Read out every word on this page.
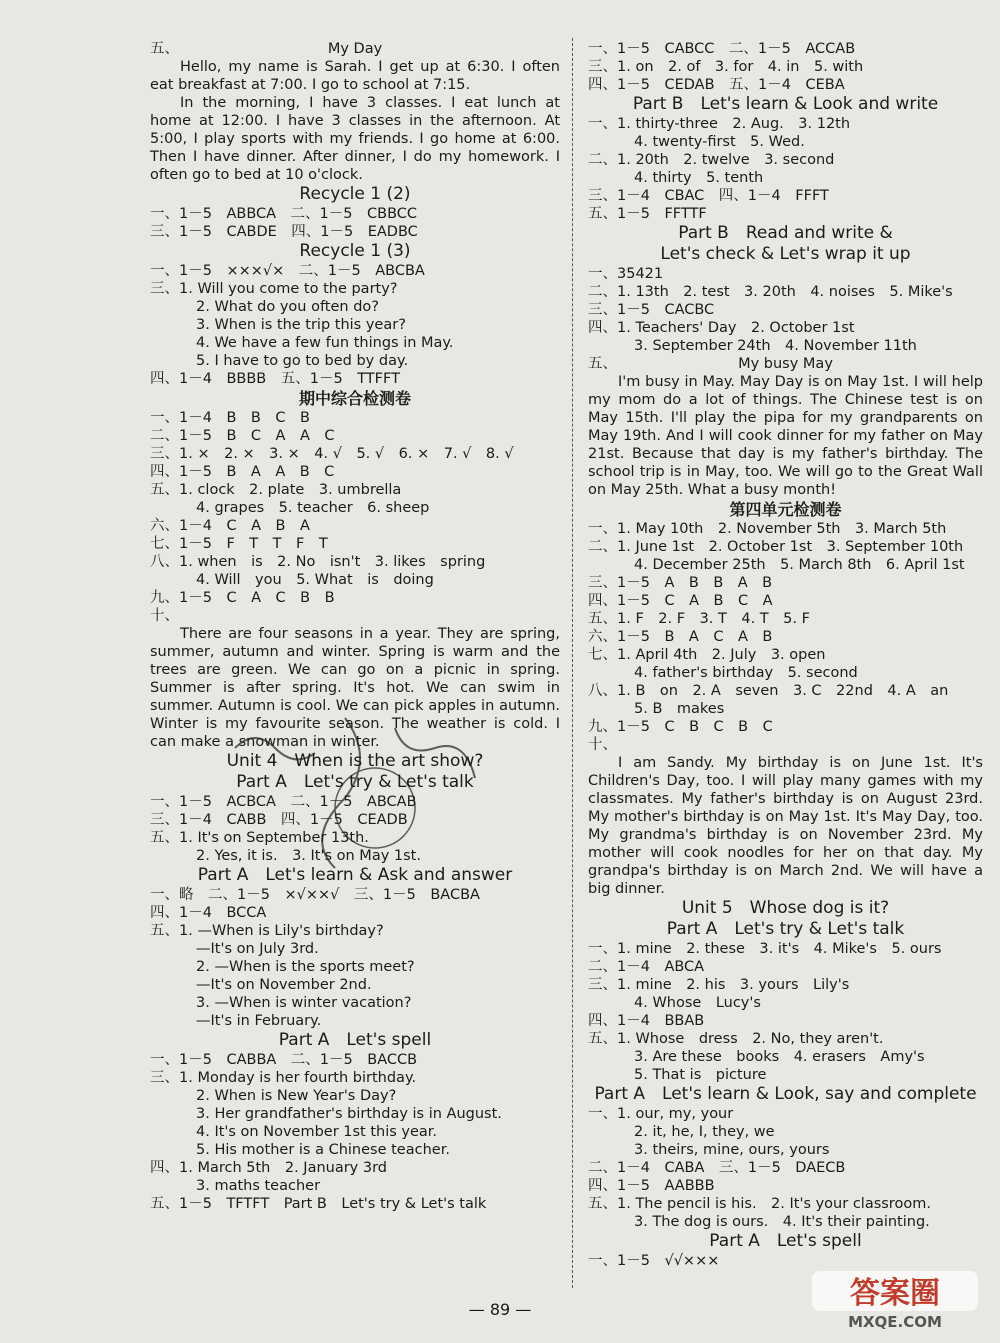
五、	My Day
Hello, my name is Sarah. I get up at 6:30. I often eat breakfast at 7:00. I go to school at 7:15.
In the morning, I have 3 classes. I eat lunch at home at 12:00. I have 3 classes in the afternoon. At 5:00, I play sports with my friends. I go home at 6:00. Then I have dinner. After dinner, I do my homework. I often go to bed at 10 o'clock.
Recycle 1 (2)
一、1－5　ABBCA　二、1－5　CBBCC
三、1－5　CABDE　四、1－5　EADBC
Recycle 1 (3)
一、1－5　×××√×　二、1－5　ABCBA
三、1. Will you come to the party?
2. What do you often do?
3. When is the trip this year?
4. We have a few fun things in May.
5. I have to go to bed by day.
四、1－4　BBBB　五、1－5　TTFFT
期中综合检测卷
一、1－4　B　B　C　B
二、1－5　B　C　A　A　C
三、1. ×　2. ×　3. ×　4. √　5. √　6. ×　7. √　8. √
四、1－5　B　A　A　B　C
五、1. clock　2. plate　3. umbrella
4. grapes　5. teacher　6. sheep
六、1－4　C　A　B　A
七、1－5　F　T　T　F　T
八、1. when　is　2. No　isn't　3. likes　spring
4. Will　you　5. What　is　doing
九、1－5　C　A　C　B　B
十、
There are four seasons in a year. They are spring, summer, autumn and winter. Spring is warm and the trees are green. We can go on a picnic in spring. Summer is after spring. It's hot. We can swim in summer. Autumn is cool. We can pick apples in autumn. Winter is my favourite season. The weather is cold. I can make a snowman in winter.
Unit 4　When is the art show?
Part A　Let's try & Let's talk
一、1－5　ACBCA　二、1－5　ABCAB
三、1－4　CABB　四、1－5　CEADB
五、1. It's on September 13th.
2. Yes, it is.　3. It's on May 1st.
Part A　Let's learn & Ask and answer
一、略　二、1－5　×√××√　三、1－5　BACBA
四、1－4　BCCA
五、1. —When is Lily's birthday?
—It's on July 3rd.
2. —When is the sports meet?
—It's on November 2nd.
3. —When is winter vacation?
—It's in February.
Part A　Let's spell
一、1－5　CABBA　二、1－5　BACCB
三、1. Monday is her fourth birthday.
2. When is New Year's Day?
3. Her grandfather's birthday is in August.
4. It's on November 1st this year.
5. His mother is a Chinese teacher.
四、1. March 5th　2. January 3rd
3. maths teacher
五、1－5　TFTFT　Part B　Let's try & Let's talk
一、1－5　CABCC　二、1－5　ACCAB
三、1. on　2. of　3. for　4. in　5. with
四、1－5　CEDAB　五、1－4　CEBA
Part B　Let's learn & Look and write
一、1. thirty-three　2. Aug.　3. 12th
4. twenty-first　5. Wed.
二、1. 20th　2. twelve　3. second
4. thirty　5. tenth
三、1－4　CBAC　四、1－4　FFFT
五、1－5　FFTTF
Part B　Read and write &
Let's check & Let's wrap it up
一、35421
二、1. 13th　2. test　3. 20th　4. noises　5. Mike's
三、1－5　CACBC
四、1. Teachers' Day　2. October 1st
3. September 24th　4. November 11th
五、	My busy May
I'm busy in May. May Day is on May 1st. I will help my mom do a lot of things. The Chinese test is on May 15th. I'll play the pipa for my grandparents on May 19th. And I will cook dinner for my father on May 21st. Because that day is my father's birthday. The school trip is in May, too. We will go to the Great Wall on May 25th. What a busy month!
第四单元检测卷
一、1. May 10th　2. November 5th　3. March 5th
二、1. June 1st　2. October 1st　3. September 10th
4. December 25th　5. March 8th　6. April 1st
三、1－5　A　B　B　A　B
四、1－5　C　A　B　C　A
五、1. F　2. F　3. T　4. T　5. F
六、1－5　B　A　C　A　B
七、1. April 4th　2. July　3. open
4. father's birthday　5. second
八、1. B　on　2. A　seven　3. C　22nd　4. A　an
5. B　makes
九、1－5　C　B　C　B　C
十、
I am Sandy. My birthday is on June 1st. It's Children's Day, too. I will play many games with my classmates. My father's birthday is on August 23rd. My mother's birthday is on May 1st. It's May Day, too. My grandma's birthday is on November 23rd. My mother will cook noodles for her on that day. My grandpa's birthday is on March 2nd. We will have a big dinner.
Unit 5　Whose dog is it?
Part A　Let's try & Let's talk
一、1. mine　2. these　3. it's　4. Mike's　5. ours
二、1－4　ABCA
三、1. mine　2. his　3. yours　Lily's
4. Whose　Lucy's
四、1－4　BBAB
五、1. Whose　dress　2. No, they aren't.
3. Are these　books　4. erasers　Amy's
5. That is　picture
Part A　Let's learn & Look, say and complete
一、1. our, my, your
2. it, he, I, they, we
3. theirs, mine, ours, yours
二、1－4　CABA　三、1－5　DAECB
四、1－5　AABBB
五、1. The pencil is his.　2. It's your classroom.
3. The dog is ours.　4. It's their painting.
Part A　Let's spell
一、1－5　√√×××
— 89 —	答案圈
MXQE.COM
